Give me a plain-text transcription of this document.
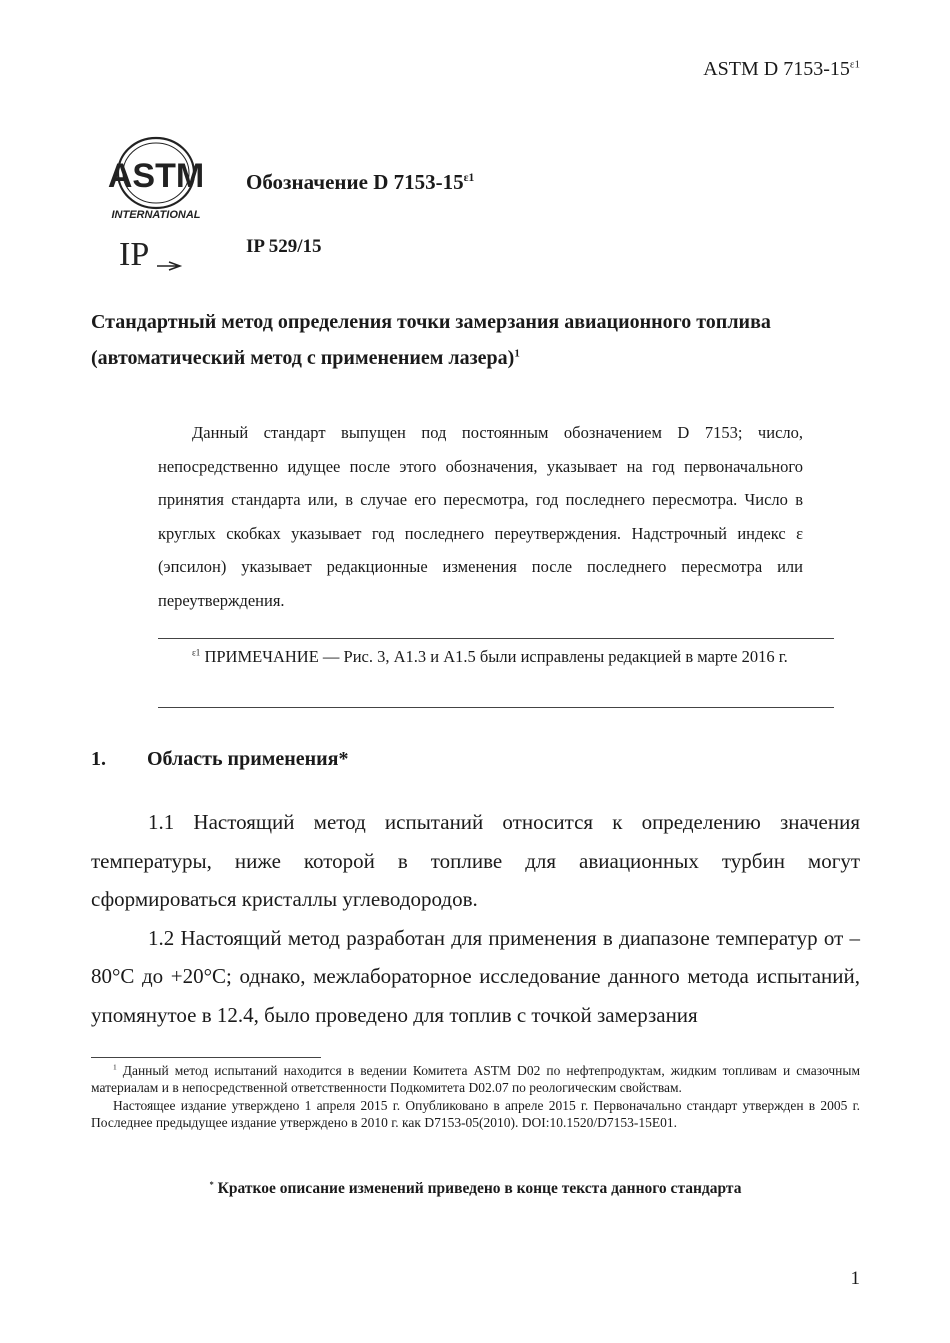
ASTM D $7153-15^{\varepsilon 1}$
ASTM
INTERNATIONAL
IP
Обозначение D $7153-15^{\varepsilon 1}$
IP 529/15
Стандартный метод определения точки замерзания авиационного топлива
(автоматический метод с применением лазера)$^1$

Данный стандарт выпущен под постоянным обозначением D 7153; число, непосредственно идущее после этого обозначения, указывает на год первоначального принятия стандарта или, в случае его пересмотра, год последнего пересмотра. Число в круглых скобках указывает год последнего переутверждения. Надстрочный индекс ε (эпсилон) указывает редакционные изменения после последнего пересмотра или переутверждения.

$^{\varepsilon 1}$ ПРИМЕЧАНИЕ — Рис. 3, A1.3 и A1.5 были исправлены редакцией в марте 2016 г.

1. Область применения*

1.1 Настоящий метод испытаний относится к определению значения температуры, ниже которой в топливе для авиационных турбин могут сформироваться кристаллы углеводородов.

1.2 Настоящий метод разработан для применения в диапазоне температур от –80°C до +20°C; однако, межлабораторное исследование данного метода испытаний, упомянутое в 12.4, было проведено для топлив с точкой замерзания

$^1$ Данный метод испытаний находится в ведении Комитета ASTM D02 по нефтепродуктам, жидким топливам и смазочным материалам и в непосредственной ответственности Подкомитета D02.07 по реологическим свойствам.

Настоящее издание утверждено 1 апреля 2015 г. Опубликовано в апреле 2015 г. Первоначально стандарт утвержден в 2005 г. Последнее предыдущее издание утверждено в 2010 г. как D7153-05(2010). DOI:10.1520/D7153-15E01.

* Краткое описание изменений приведено в конце текста данного стандарта
1
